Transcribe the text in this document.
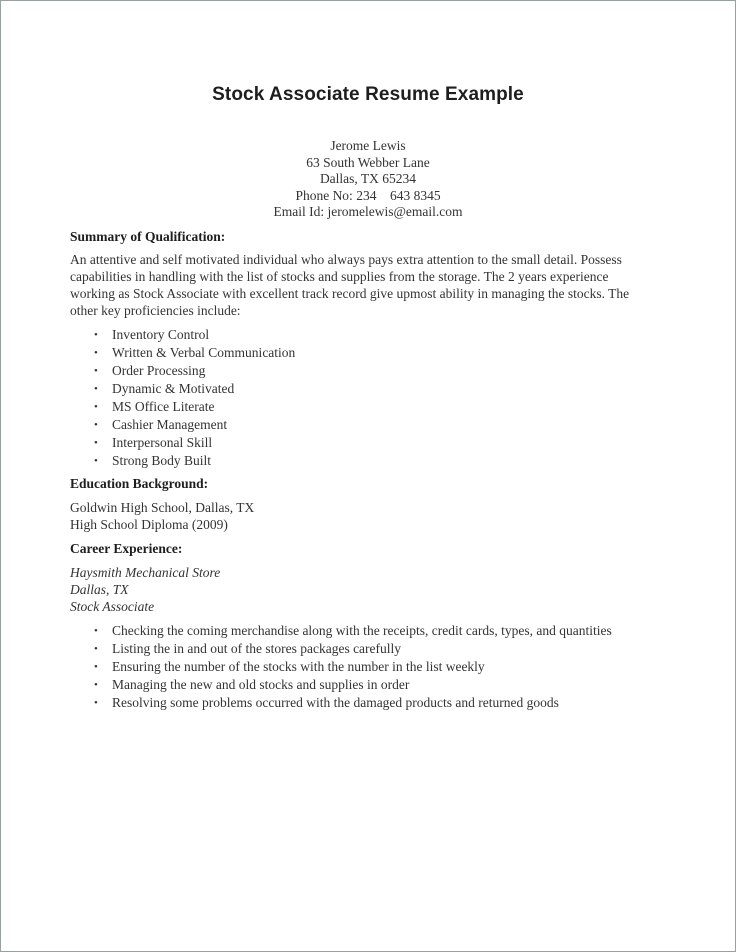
Stock Associate Resume Example
Jerome Lewis
63 South Webber Lane
Dallas, TX 65234
Phone No: 234    643 8345
Email Id: jeromelewis@email.com
Summary of Qualification:
An attentive and self motivated individual who always pays extra attention to the small detail. Possess
capabilities in handling with the list of stocks and supplies from the storage. The 2 years experience
working as Stock Associate with excellent track record give upmost ability in managing the stocks. The
other key proficiencies include:
• Inventory Control
• Written & Verbal Communication
• Order Processing
• Dynamic & Motivated
• MS Office Literate
• Cashier Management
• Interpersonal Skill
• Strong Body Built
Education Background:
Goldwin High School, Dallas, TX
High School Diploma (2009)
Career Experience:
Haysmith Mechanical Store
Dallas, TX
Stock Associate
• Checking the coming merchandise along with the receipts, credit cards, types, and quantities
• Listing the in and out of the stores packages carefully
• Ensuring the number of the stocks with the number in the list weekly
• Managing the new and old stocks and supplies in order
• Resolving some problems occurred with the damaged products and returned goods
